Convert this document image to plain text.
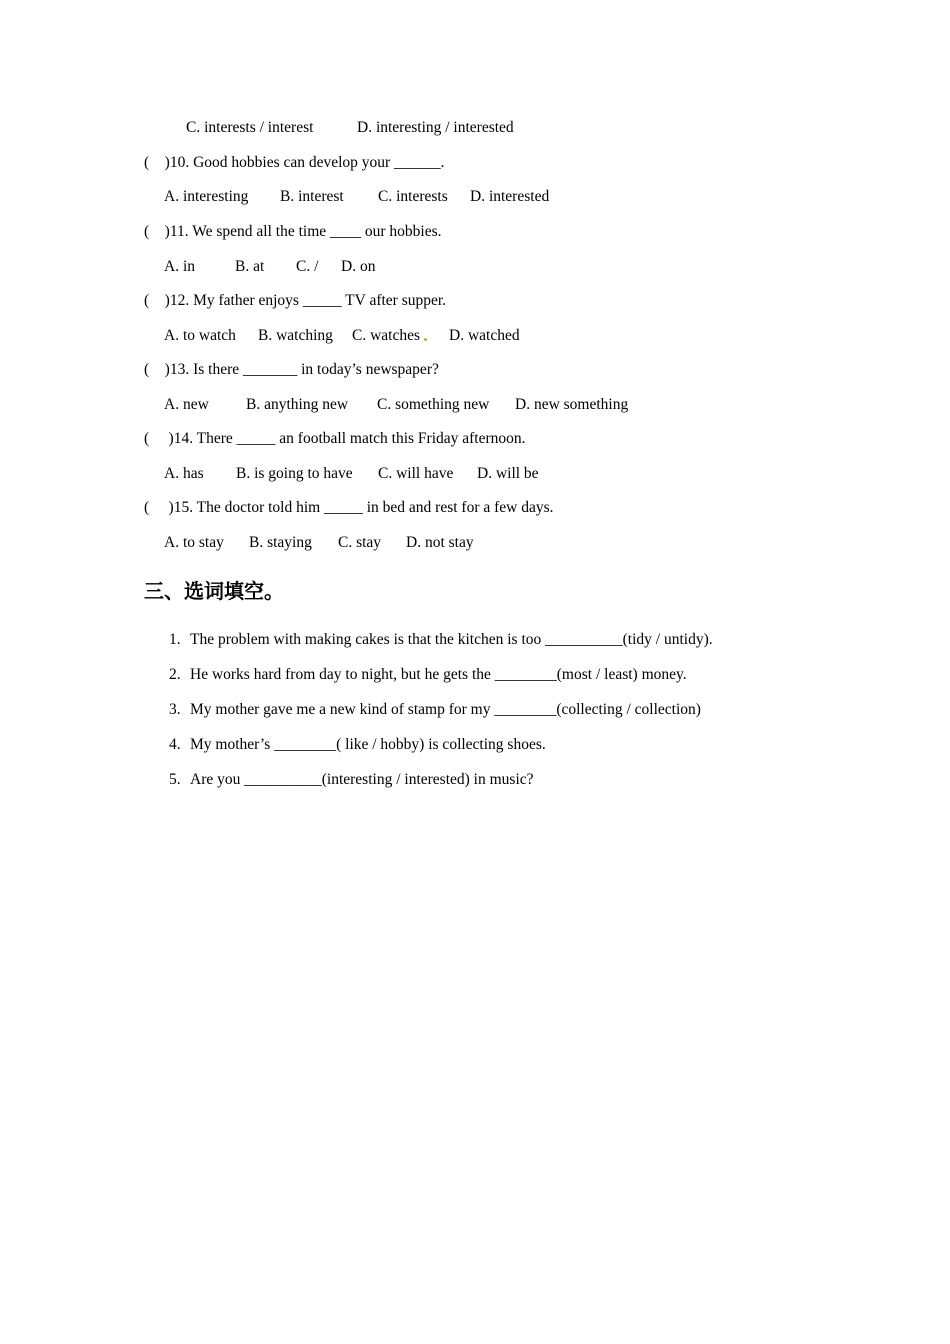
C. interests / interest	D. interesting / interested
(    )10. Good hobbies can develop your ______.
A. interesting B. interest C. interests D. interested
(    )11. We spend all the time ____ our hobbies.
A. in	B. at C. / D. on
(    )12. My father enjoys _____ TV after supper.
A. to watch B. watching C. watches D. watched
(    )13. Is there _______ in today’s newspaper?
A. new B. anything new C. something new D. new something
(     )14. There _____ an football match this Friday afternoon.
A. has B. is going to have C. will have D. will be
(     )15. The doctor told him _____ in bed and rest for a few days.
A. to stay B. staying C. stay D. not stay
三、选词填空。
1. The problem with making cakes is that the kitchen is too __________(tidy / untidy).
2. He works hard from day to night, but he gets the ________(most / least) money.
3. My mother gave me a new kind of stamp for my ________(collecting / collection)
4. My mother’s ________( like / hobby) is collecting shoes.
5. Are you __________(interesting / interested) in music?
